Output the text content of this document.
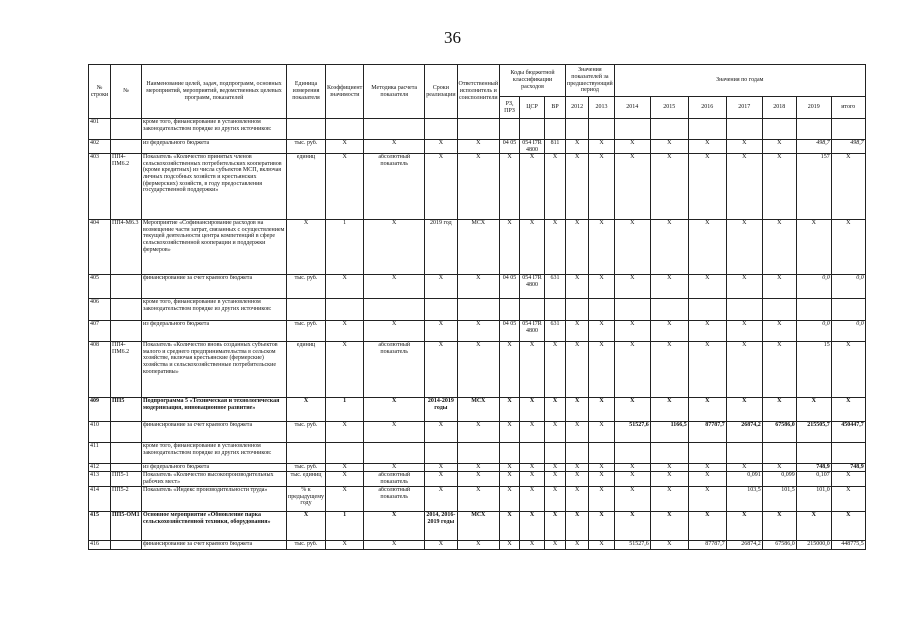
36
№ строки	№	Наименование целей, задач, подпрограмм, основных мероприятий, мероприятий, ведомственных целевых программ, показателей	Единица измерения показателя	Коэффициент значимости	Методика расчета показателя	Сроки реализации	Ответственный исполнитель и соисполнители	Коды бюджетной классификации расходов			Значения показателей за предшествующий период		Значения по годам						
								РЗ, ПРЗ	ЦСР	ВР	2012	2013	2014	2015	2016	2017	2018	2019	итого
401		кроме того, финансирование в установленном законодательством порядке из других источников:																	
402		из федерального бюджета	тыс. руб.	Х	Х	Х	Х	04 05	054 I7R 4800	811	Х	Х	Х	Х	Х	Х	Х	498,7	498,7
403	ПП4-ПМ6.2	Показатель «Количество принятых членов сельскохозяйственных потребительских кооперативов (кроме кредитных) из числа субъектов МСП, включая личных подсобных хозяйств и крестьянских (фермерских) хозяйств, в году предоставления государственной поддержки»	единиц	Х	абсолютный показатель	Х	Х	Х	Х	Х	Х	Х	Х	Х	Х	Х	Х	157	Х
404	ПП4-М6.3	Мероприятие «Софинансирование расходов на возмещение части затрат, связанных с осуществлением текущей деятельности центра компетенций в сфере сельскохозяйственной кооперации и поддержки фермеров»	Х	1	Х	2019 год	МСХ	Х	Х	Х	Х	Х	Х	Х	Х	Х	Х	Х	Х
405		финансирование за счет краевого бюджета	тыс. руб.	Х	Х	Х	Х	04 05	054 I7R 4800	631	Х	Х	Х	Х	Х	Х	Х	0,0	0,0
406		кроме того, финансирование в установленном законодательством порядке из других источников:																	
407		из федерального бюджета	тыс. руб.	Х	Х	Х	Х	04 05	054 I7R 4800	631	Х	Х	Х	Х	Х	Х	Х	0,0	0,0
408	ПП4-ПМ6.2	Показатель «Количество вновь созданных субъектов малого и среднего предпринимательства в сельском хозяйстве, включая крестьянские (фермерские) хозяйства и сельскохозяйственные потребительские кооперативы»	единиц	Х	абсолютный показатель	Х	Х	Х	Х	Х	Х	Х	Х	Х	Х	Х	Х	15	Х
409	ПП5	Подпрограмма 5 «Техническая и технологическая модернизация, инновационное развитие»	Х	1	Х	2014-2019 годы	МСХ	Х	Х	Х	Х	Х	Х	Х	Х	Х	Х	Х	Х
410		финансирование за счет краевого бюджета	тыс. руб.	Х	Х	Х	Х	Х	Х	Х	Х	Х	51527,6	1166,5	87787,7	26874,2	67586,0	215505,7	450447,7
411		кроме того, финансирование в установленном законодательством порядке из других источников:																	
412		из федерального бюджета	тыс. руб.	Х	Х	Х	Х	Х	Х	Х	Х	Х	Х	Х	Х	Х	Х	748,9	748,9
413	ПП5-1	Показатель «Количество высокопроизводительных рабочих мест»	тыс. единиц	Х	абсолютный показатель	Х	Х	Х	Х	Х	Х	Х	Х	Х	Х	0,091	0,099	0,107	Х
414	ПП5-2	Показатель «Индекс производительности труда»	% к предыдущему году	Х	абсолютный показатель	Х	Х	Х	Х	Х	Х	Х	Х	Х	Х	103,5	101,5	101,0	Х
415	ПП5-ОМ1	Основное мероприятие «Обновление парка сельскохозяйственной техники, оборудования»	Х	1	Х	2014, 2016-2019 годы	МСХ	Х	Х	Х	Х	Х	Х	Х	Х	Х	Х	Х	Х
416		финансирование за счет краевого бюджета	тыс. руб.	Х	Х	Х	Х	Х	Х	Х	Х	Х	51527,6	Х	87787,7	26874,2	67586,0	215000,0	448775,5
